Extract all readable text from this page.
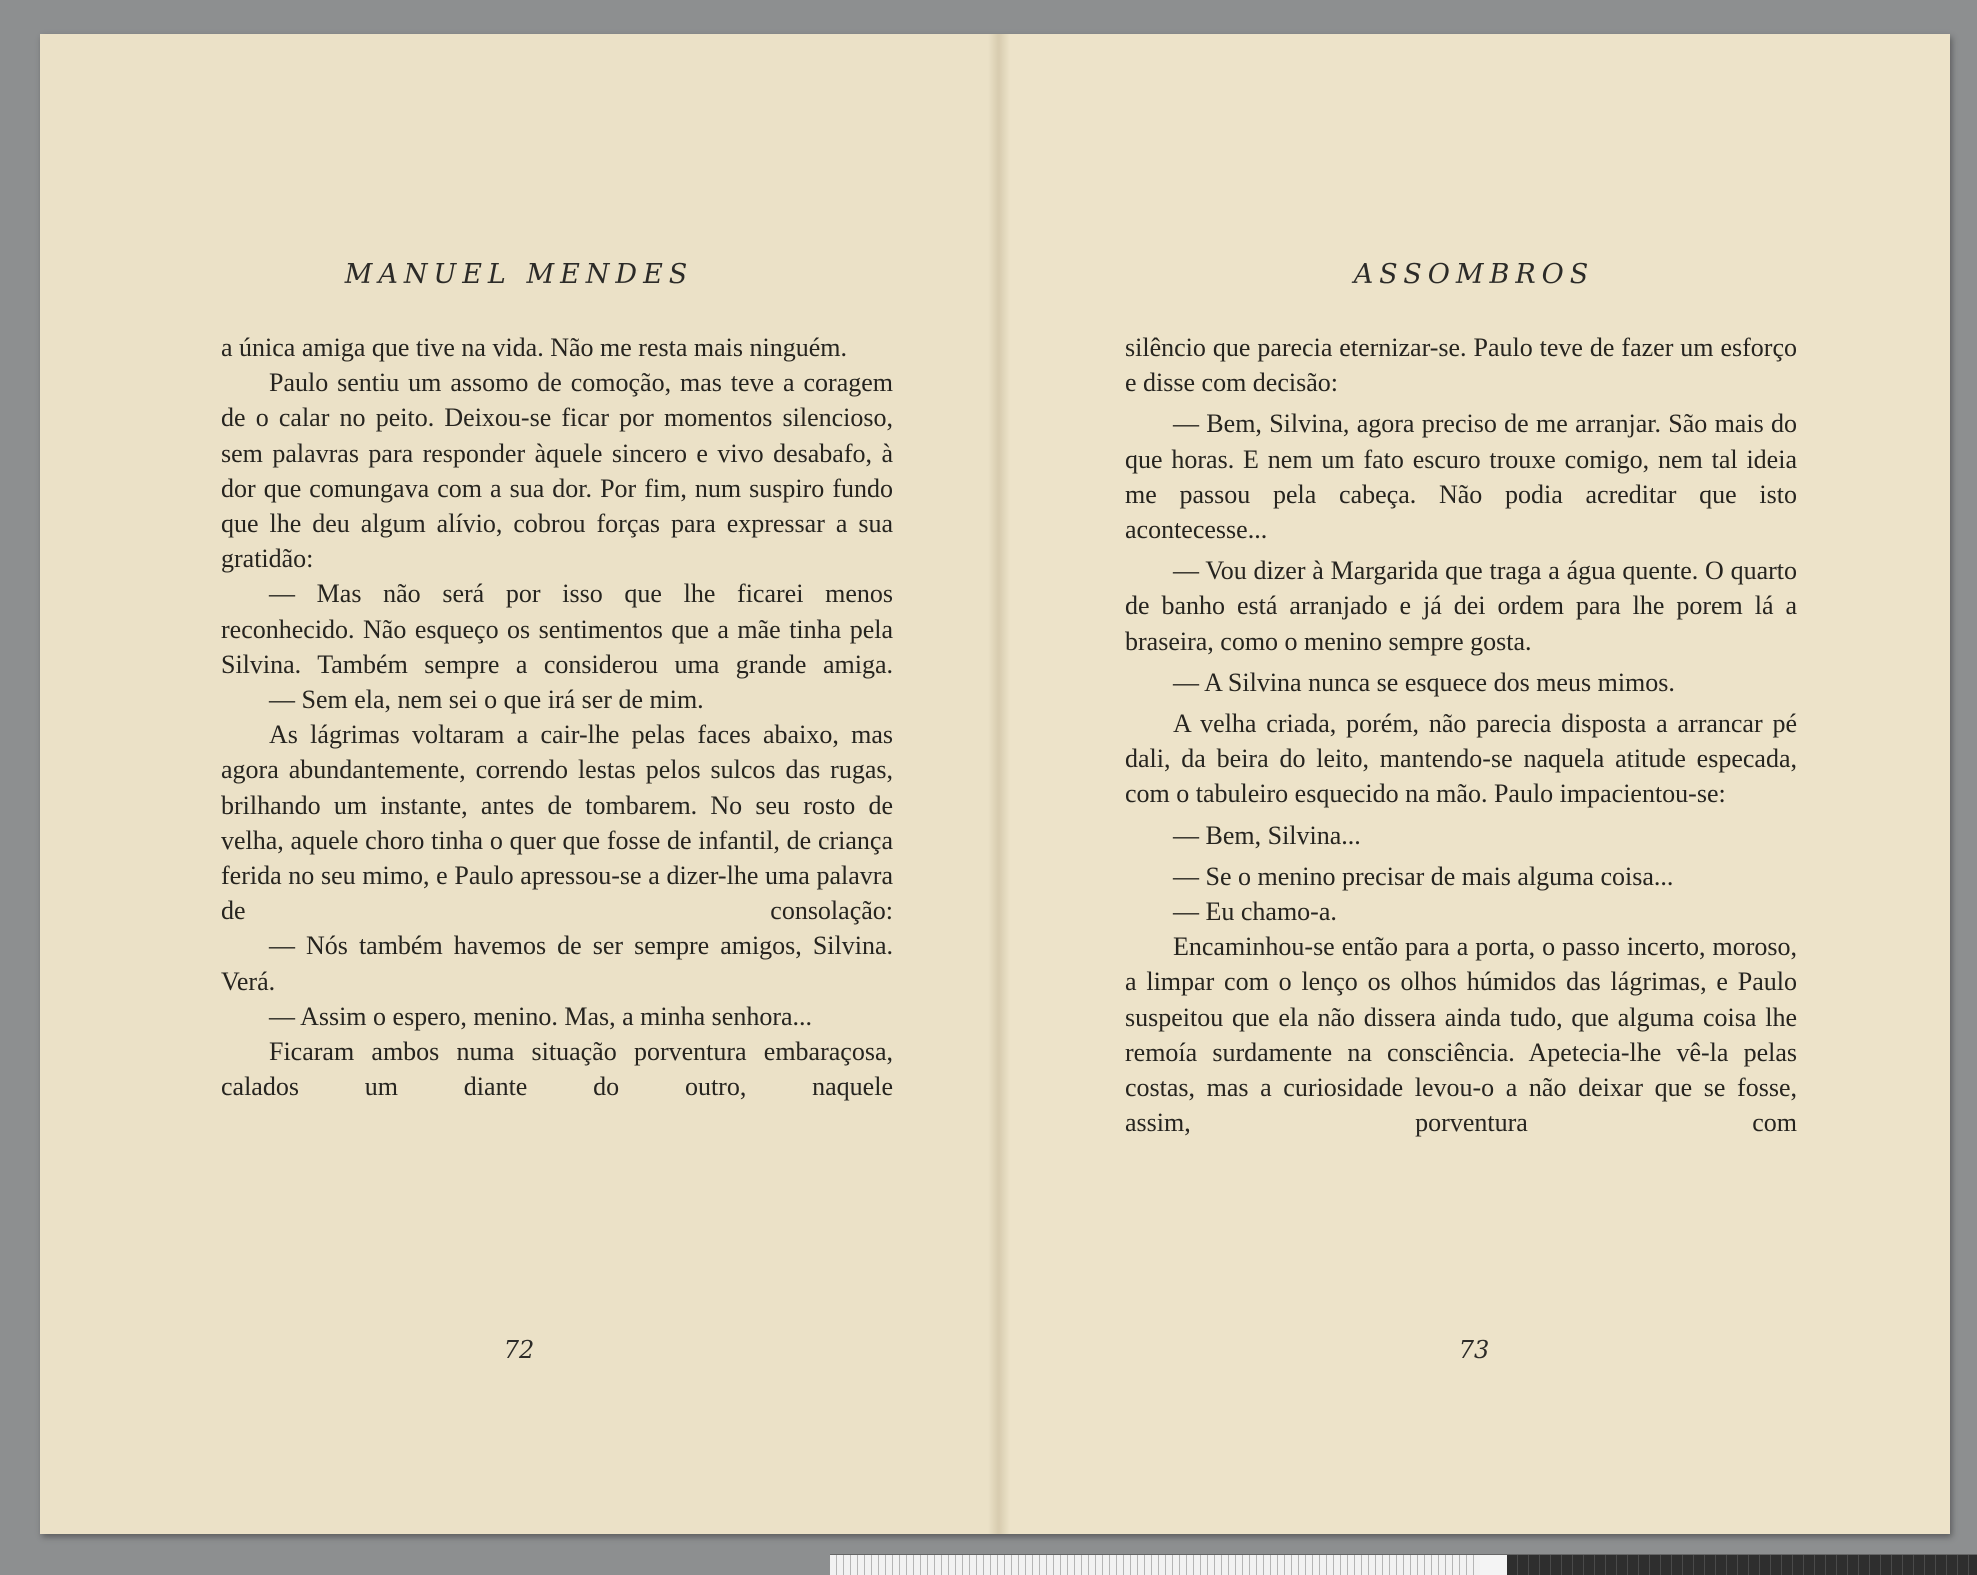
MANUEL MENDES
72
ASSOMBROS
73

a única amiga que tive na vida. Não me resta mais ninguém.

Paulo sentiu um assomo de comoção, mas teve a coragem de o calar no peito. Deixou-se ficar por momentos silencioso, sem palavras para responder àquele sincero e vivo desabafo, à dor que comungava com a sua dor. Por fim, num suspiro fundo que lhe deu algum alívio, cobrou forças para expressar a sua gratidão:

— Mas não será por isso que lhe ficarei menos reconhecido. Não esqueço os sentimentos que a mãe tinha pela Silvina. Também sempre a considerou uma grande amiga.

— Sem ela, nem sei o que irá ser de mim.

As lágrimas voltaram a cair-lhe pelas faces abaixo, mas agora abundantemente, correndo lestas pelos sulcos das rugas, brilhando um instante, antes de tombarem. No seu rosto de velha, aquele choro tinha o quer que fosse de infantil, de criança ferida no seu mimo, e Paulo apressou-se a dizer-lhe uma palavra de consolação:

— Nós também havemos de ser sempre amigos, Silvina. Verá.

— Assim o espero, menino. Mas, a minha senhora...

Ficaram ambos numa situação porventura embaraçosa, calados um diante do outro, naquele

silêncio que parecia eternizar-se. Paulo teve de fazer um esforço e disse com decisão:

— Bem, Silvina, agora preciso de me arranjar. São mais do que horas. E nem um fato escuro trouxe comigo, nem tal ideia me passou pela cabeça. Não podia acreditar que isto acontecesse...

— Vou dizer à Margarida que traga a água quente. O quarto de banho está arranjado e já dei ordem para lhe porem lá a braseira, como o menino sempre gosta.

— A Silvina nunca se esquece dos meus mimos.

A velha criada, porém, não parecia disposta a arrancar pé dali, da beira do leito, mantendo-se naquela atitude especada, com o tabuleiro esquecido na mão. Paulo impacientou-se:

— Bem, Silvina...

— Se o menino precisar de mais alguma coisa...

— Eu chamo-a.

Encaminhou-se então para a porta, o passo incerto, moroso, a limpar com o lenço os olhos húmidos das lágrimas, e Paulo suspeitou que ela não dissera ainda tudo, que alguma coisa lhe remoía surdamente na consciência. Apetecia-lhe vê-la pelas costas, mas a curiosidade levou-o a não deixar que se fosse, assim, porventura com
